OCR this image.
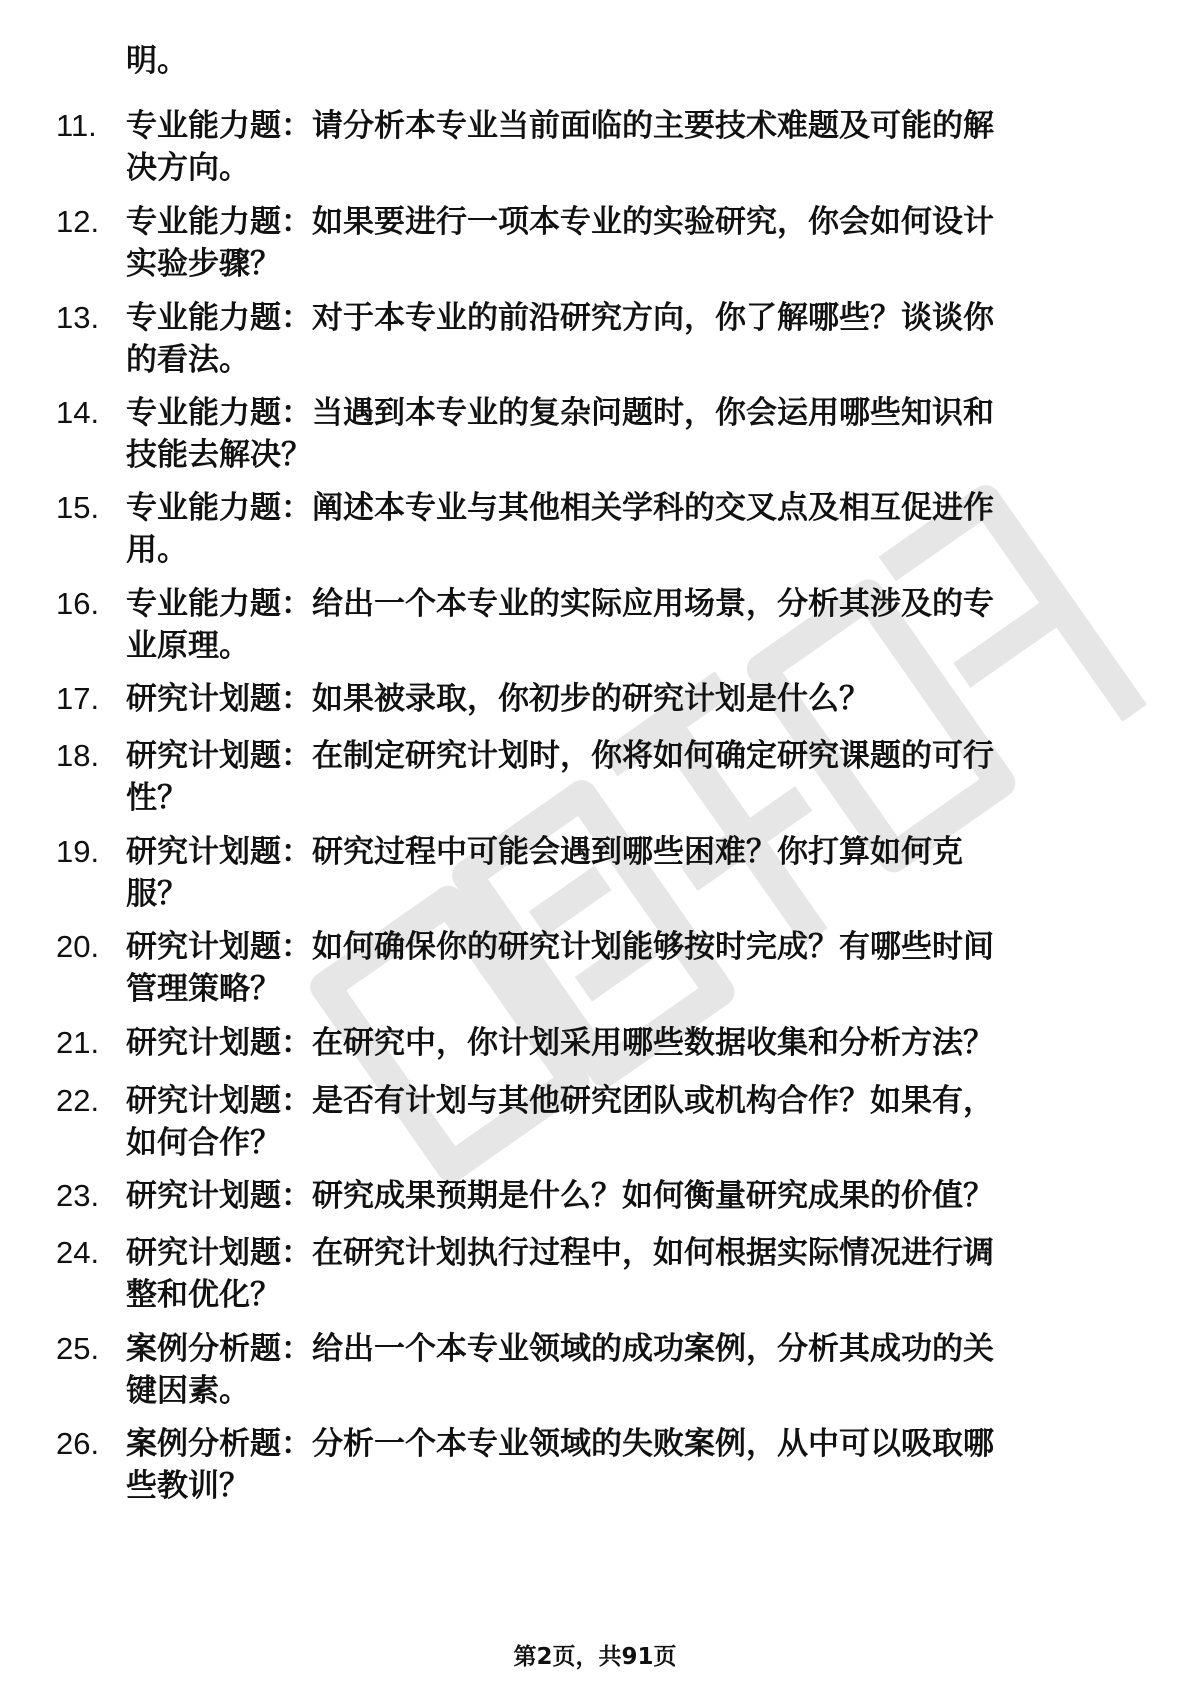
明。
11. 专业能力题：请分析本专业当前面临的主要技术难题及可能的解
决方向。
12. 专业能力题：如果要进行一项本专业的实验研究，你会如何设计
实验步骤？
13. 专业能力题：对于本专业的前沿研究方向，你了解哪些？谈谈你
的看法。
14. 专业能力题：当遇到本专业的复杂问题时，你会运用哪些知识和
技能去解决？
15. 专业能力题：阐述本专业与其他相关学科的交叉点及相互促进作
用。
16. 专业能力题：给出一个本专业的实际应用场景，分析其涉及的专
业原理。
17. 研究计划题：如果被录取，你初步的研究计划是什么？
18. 研究计划题：在制定研究计划时，你将如何确定研究课题的可行
性？
19. 研究计划题：研究过程中可能会遇到哪些困难？你打算如何克
服？
20. 研究计划题：如何确保你的研究计划能够按时完成？有哪些时间
管理策略？
21. 研究计划题：在研究中，你计划采用哪些数据收集和分析方法？
22. 研究计划题：是否有计划与其他研究团队或机构合作？如果有，
如何合作？
23. 研究计划题：研究成果预期是什么？如何衡量研究成果的价值？
24. 研究计划题：在研究计划执行过程中，如何根据实际情况进行调
整和优化？
25. 案例分析题：给出一个本专业领域的成功案例，分析其成功的关
键因素。
26. 案例分析题：分析一个本专业领域的失败案例，从中可以吸取哪
些教训？
第2页，共91页
